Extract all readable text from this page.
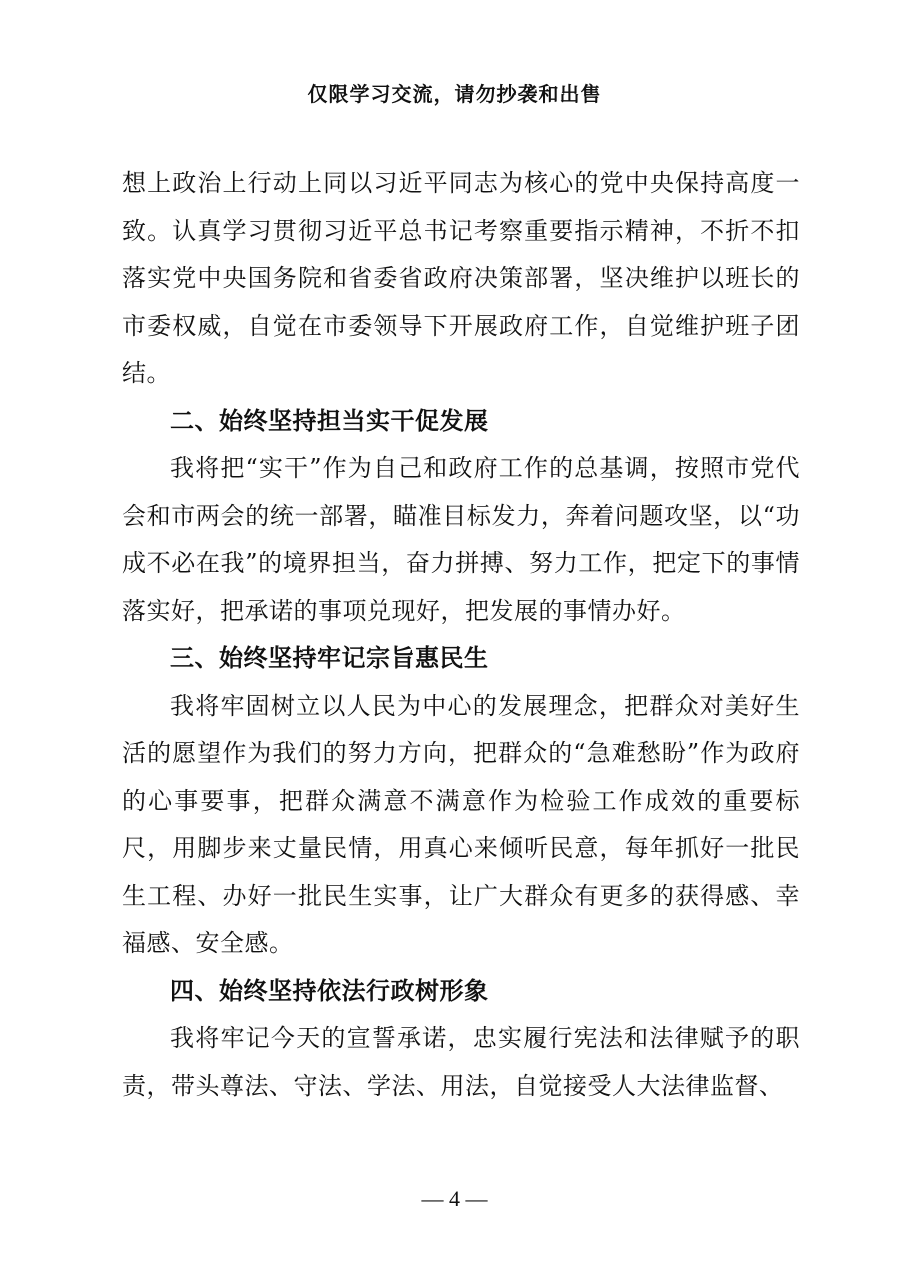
仅限学习交流，请勿抄袭和出售

想上政治上行动上同以习近平同志为核心的党中央保持高度一致。认真学习贯彻习近平总书记考察重要指示精神，不折不扣落实党中央国务院和省委省政府决策部署，坚决维护以班长的市委权威，自觉在市委领导下开展政府工作，自觉维护班子团结。

二、始终坚持担当实干促发展

我将把“实干”作为自己和政府工作的总基调，按照市党代会和市两会的统一部署，瞄准目标发力，奔着问题攻坚，以“功成不必在我”的境界担当，奋力拼搏、努力工作，把定下的事情落实好，把承诺的事项兑现好，把发展的事情办好。

三、始终坚持牢记宗旨惠民生

我将牢固树立以人民为中心的发展理念，把群众对美好生活的愿望作为我们的努力方向，把群众的“急难愁盼”作为政府的心事要事，把群众满意不满意作为检验工作成效的重要标尺，用脚步来丈量民情，用真心来倾听民意，每年抓好一批民生工程、办好一批民生实事，让广大群众有更多的获得感、幸福感、安全感。

四、始终坚持依法行政树形象

我将牢记今天的宣誓承诺，忠实履行宪法和法律赋予的职责，带头尊法、守法、学法、用法，自觉接受人大法律监督、

— 4 —
